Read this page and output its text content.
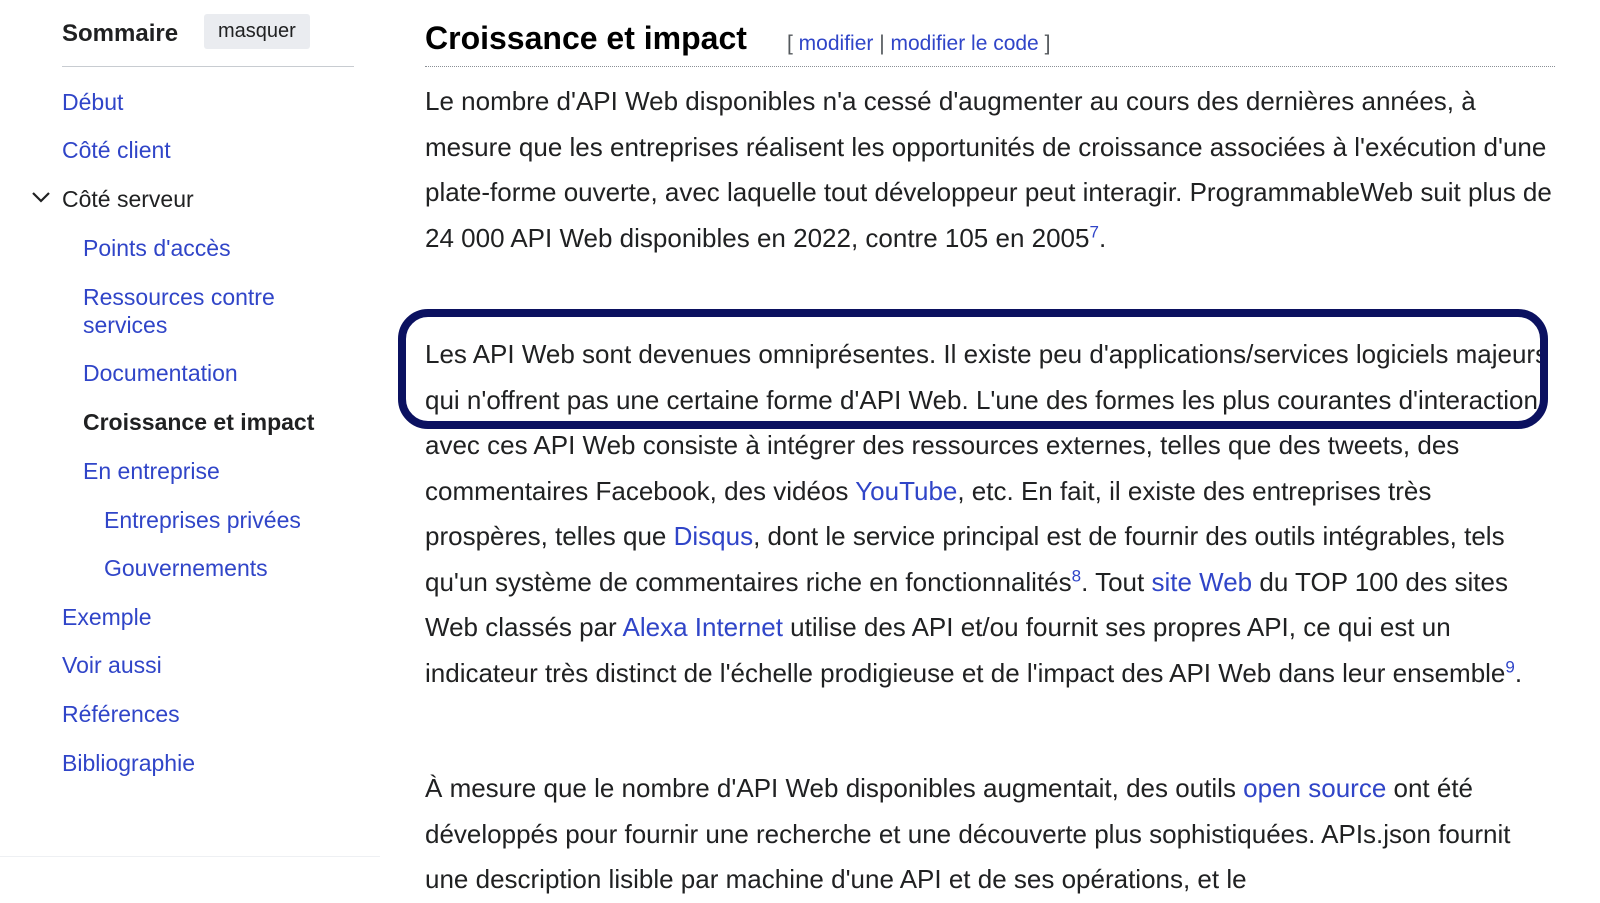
Sommaire	masquer
Début
Côté client
Côté serveur
Points d'accès
Ressources contre services
Documentation
Croissance et impact
En entreprise
Entreprises privées
Gouvernements
Exemple
Voir aussi
Références
Bibliographie
Croissance et impact [ modifier | modifier le code ]

Le nombre d'API Web disponibles n'a cessé d'augmenter au cours des dernières années, à mesure que les entreprises réalisent les opportunités de croissance associées à l'exécution d'une plate-forme ouverte, avec laquelle tout développeur peut interagir. ProgrammableWeb suit plus de 24 000 API Web disponibles en 2022, contre 105 en 2005$^7$.

Les API Web sont devenues omniprésentes. Il existe peu d'applications/services logiciels majeurs qui n'offrent pas une certaine forme d'API Web. L'une des formes les plus courantes d'interaction avec ces API Web consiste à intégrer des ressources externes, telles que des tweets, des commentaires Facebook, des vidéos YouTube, etc. En fait, il existe des entreprises très prospères, telles que Disqus, dont le service principal est de fournir des outils intégrables, tels qu'un système de commentaires riche en fonctionnalités$^8$. Tout site Web du TOP 100 des sites Web classés par Alexa Internet utilise des API et/ou fournit ses propres API, ce qui est un indicateur très distinct de l'échelle prodigieuse et de l'impact des API Web dans leur ensemble$^9$.

À mesure que le nombre d'API Web disponibles augmentait, des outils open source ont été développés pour fournir une recherche et une découverte plus sophistiquées. APIs.json fournit une description lisible par machine d'une API et de ses opérations, et le
